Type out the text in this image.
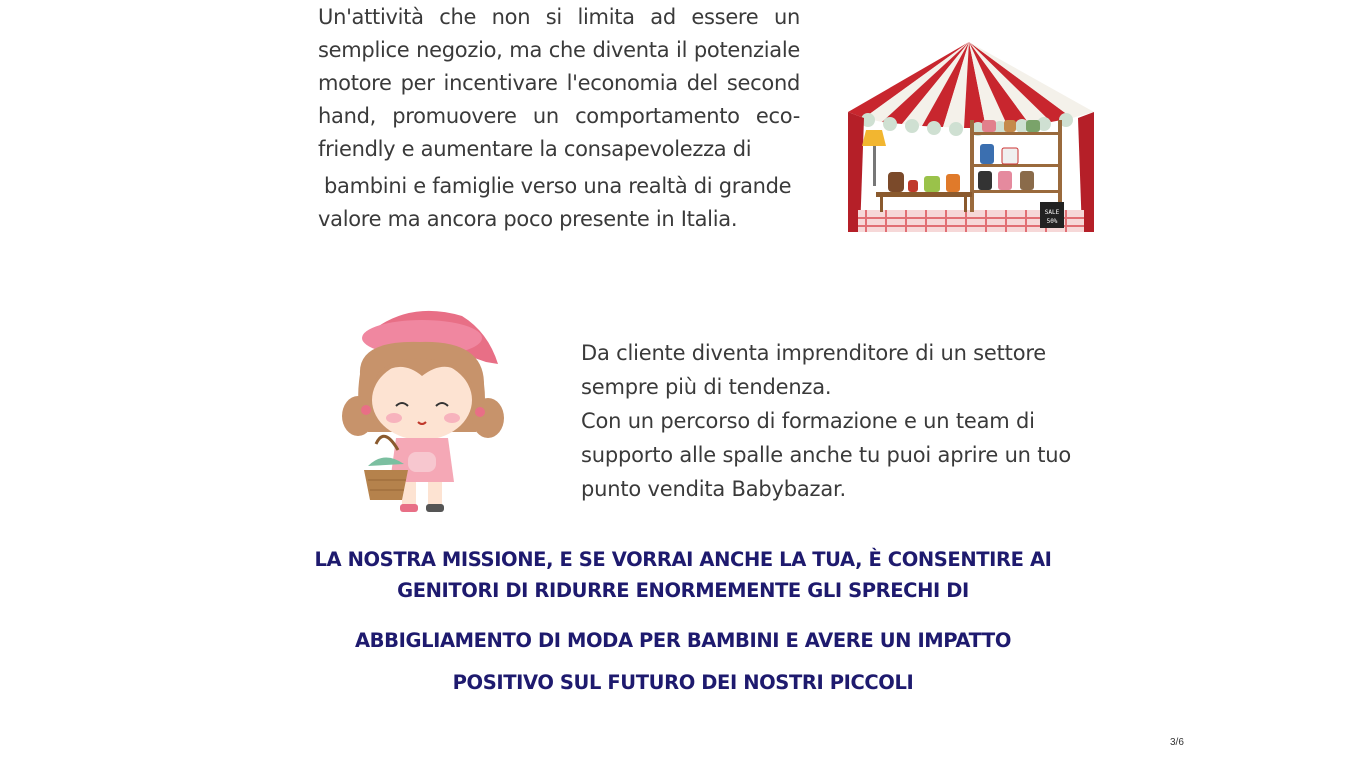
Un'attività che non si limita ad essere un
semplice negozio, ma che diventa il potenziale
motore per incentivare l'economia del second
hand, promuovere un comportamento eco-
friendly e aumentare la consapevolezza di
bambini e famiglie verso una realtà di grande
valore ma ancora poco presente in Italia.	SALE
50%
Da cliente diventa imprenditore di un settore
sempre più di tendenza.
Con un percorso di formazione e un team di
supporto alle spalle anche tu puoi aprire un tuo
punto vendita Babybazar.
LA NOSTRA MISSIONE, E SE VORRAI ANCHE LA TUA, È CONSENTIRE AI
GENITORI DI RIDURRE ENORMEMENTE GLI SPRECHI DI
ABBIGLIAMENTO DI MODA PER BAMBINI E AVERE UN IMPATTO
POSITIVO SUL FUTURO DEI NOSTRI PICCOLI
3/6
